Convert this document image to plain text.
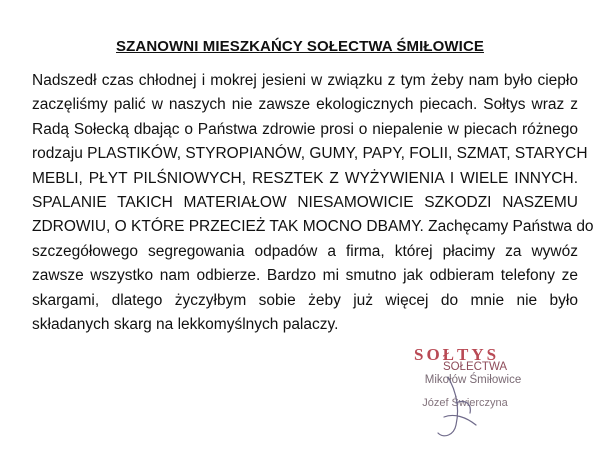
SZANOWNI MIESZKAŃCY SOŁECTWA ŚMIŁOWICE
Nadszedł czas chłodnej i mokrej jesieni w związku z tym żeby nam było ciepło
zaczęliśmy palić w naszych nie zawsze ekologicznych piecach. Sołtys wraz z
Radą Sołecką dbając o Państwa zdrowie prosi o niepalenie w piecach różnego
rodzaju PLASTIKÓW, STYROPIANÓW, GUMY, PAPY, FOLII, SZMAT, STARYCH
MEBLI, PŁYT PILŚNIOWYCH, RESZTEK Z WYŻYWIENIA I WIELE INNYCH.
SPALANIE TAKICH MATERIAŁOW NIESAMOWICIE SZKODZI NASZEMU
ZDROWIU, O KTÓRE PRZECIEŻ TAK MOCNO DBAMY. Zachęcamy Państwa do
szczegółowego segregowania odpadów a firma, której płacimy za wywóz
zawsze wszystko nam odbierze. Bardzo mi smutno jak odbieram telefony ze
skargami, dlatego życzyłbym sobie żeby już więcej do mnie nie było
składanych skarg na lekkomyślnych palaczy.
SOŁTYS
SOŁECTWA
Mikołów Śmiłowice
Józef Świerczyna
